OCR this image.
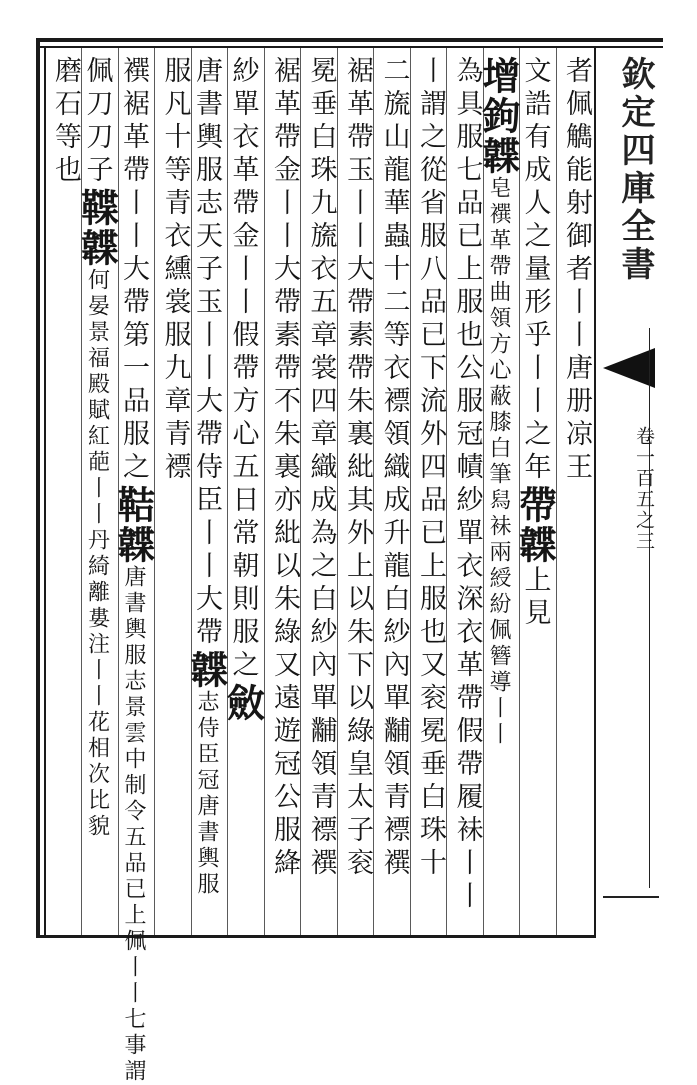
者佩觹能射御者丨丨唐册凉王
文誥有成人之量形乎丨丨之年帶韘上見
增鉤韘皂襈革帶曲領方心蔽膝白筆舄𧙕兩綬紛佩簪導丨丨
為具服七品已上服也公服冠幘紗單衣深衣革帶假帶履𧙕丨丨
丨謂之從省服八品已下流外四品已上服也又衮冕垂白珠十
二旒山龍華蟲十二等衣褾領織成升龍白紗內單黼領青褾襈
裾革帶玉丨丨大帶素帶朱裏紕其外上以朱下以綠皇太子衮
冕垂白珠九旒衣五章裳四章織成為之白紗內單黼領青褾襈
裾革帶金丨丨大帶素帶不朱裏亦紕以朱綠又遠遊冠公服絳
紗單衣革帶金丨丨假帶方心五日常朝則服之斂
唐書輿服志天子玉丨丨大帶侍臣丨丨大帶韘志侍臣冠唐書輿服
服凡十等青衣纁裳服九章青褾
襈裾革帶丨丨大帶第一品服之鞊韘唐書輿服志景雲中制令五品已上佩丨丨七事謂
佩刀刀子鞢韘何晏景福殿賦紅葩丨丨丹綺離婁注丨丨花相次比貌
磨石等也	欽定四庫全書
卷一百五之三
